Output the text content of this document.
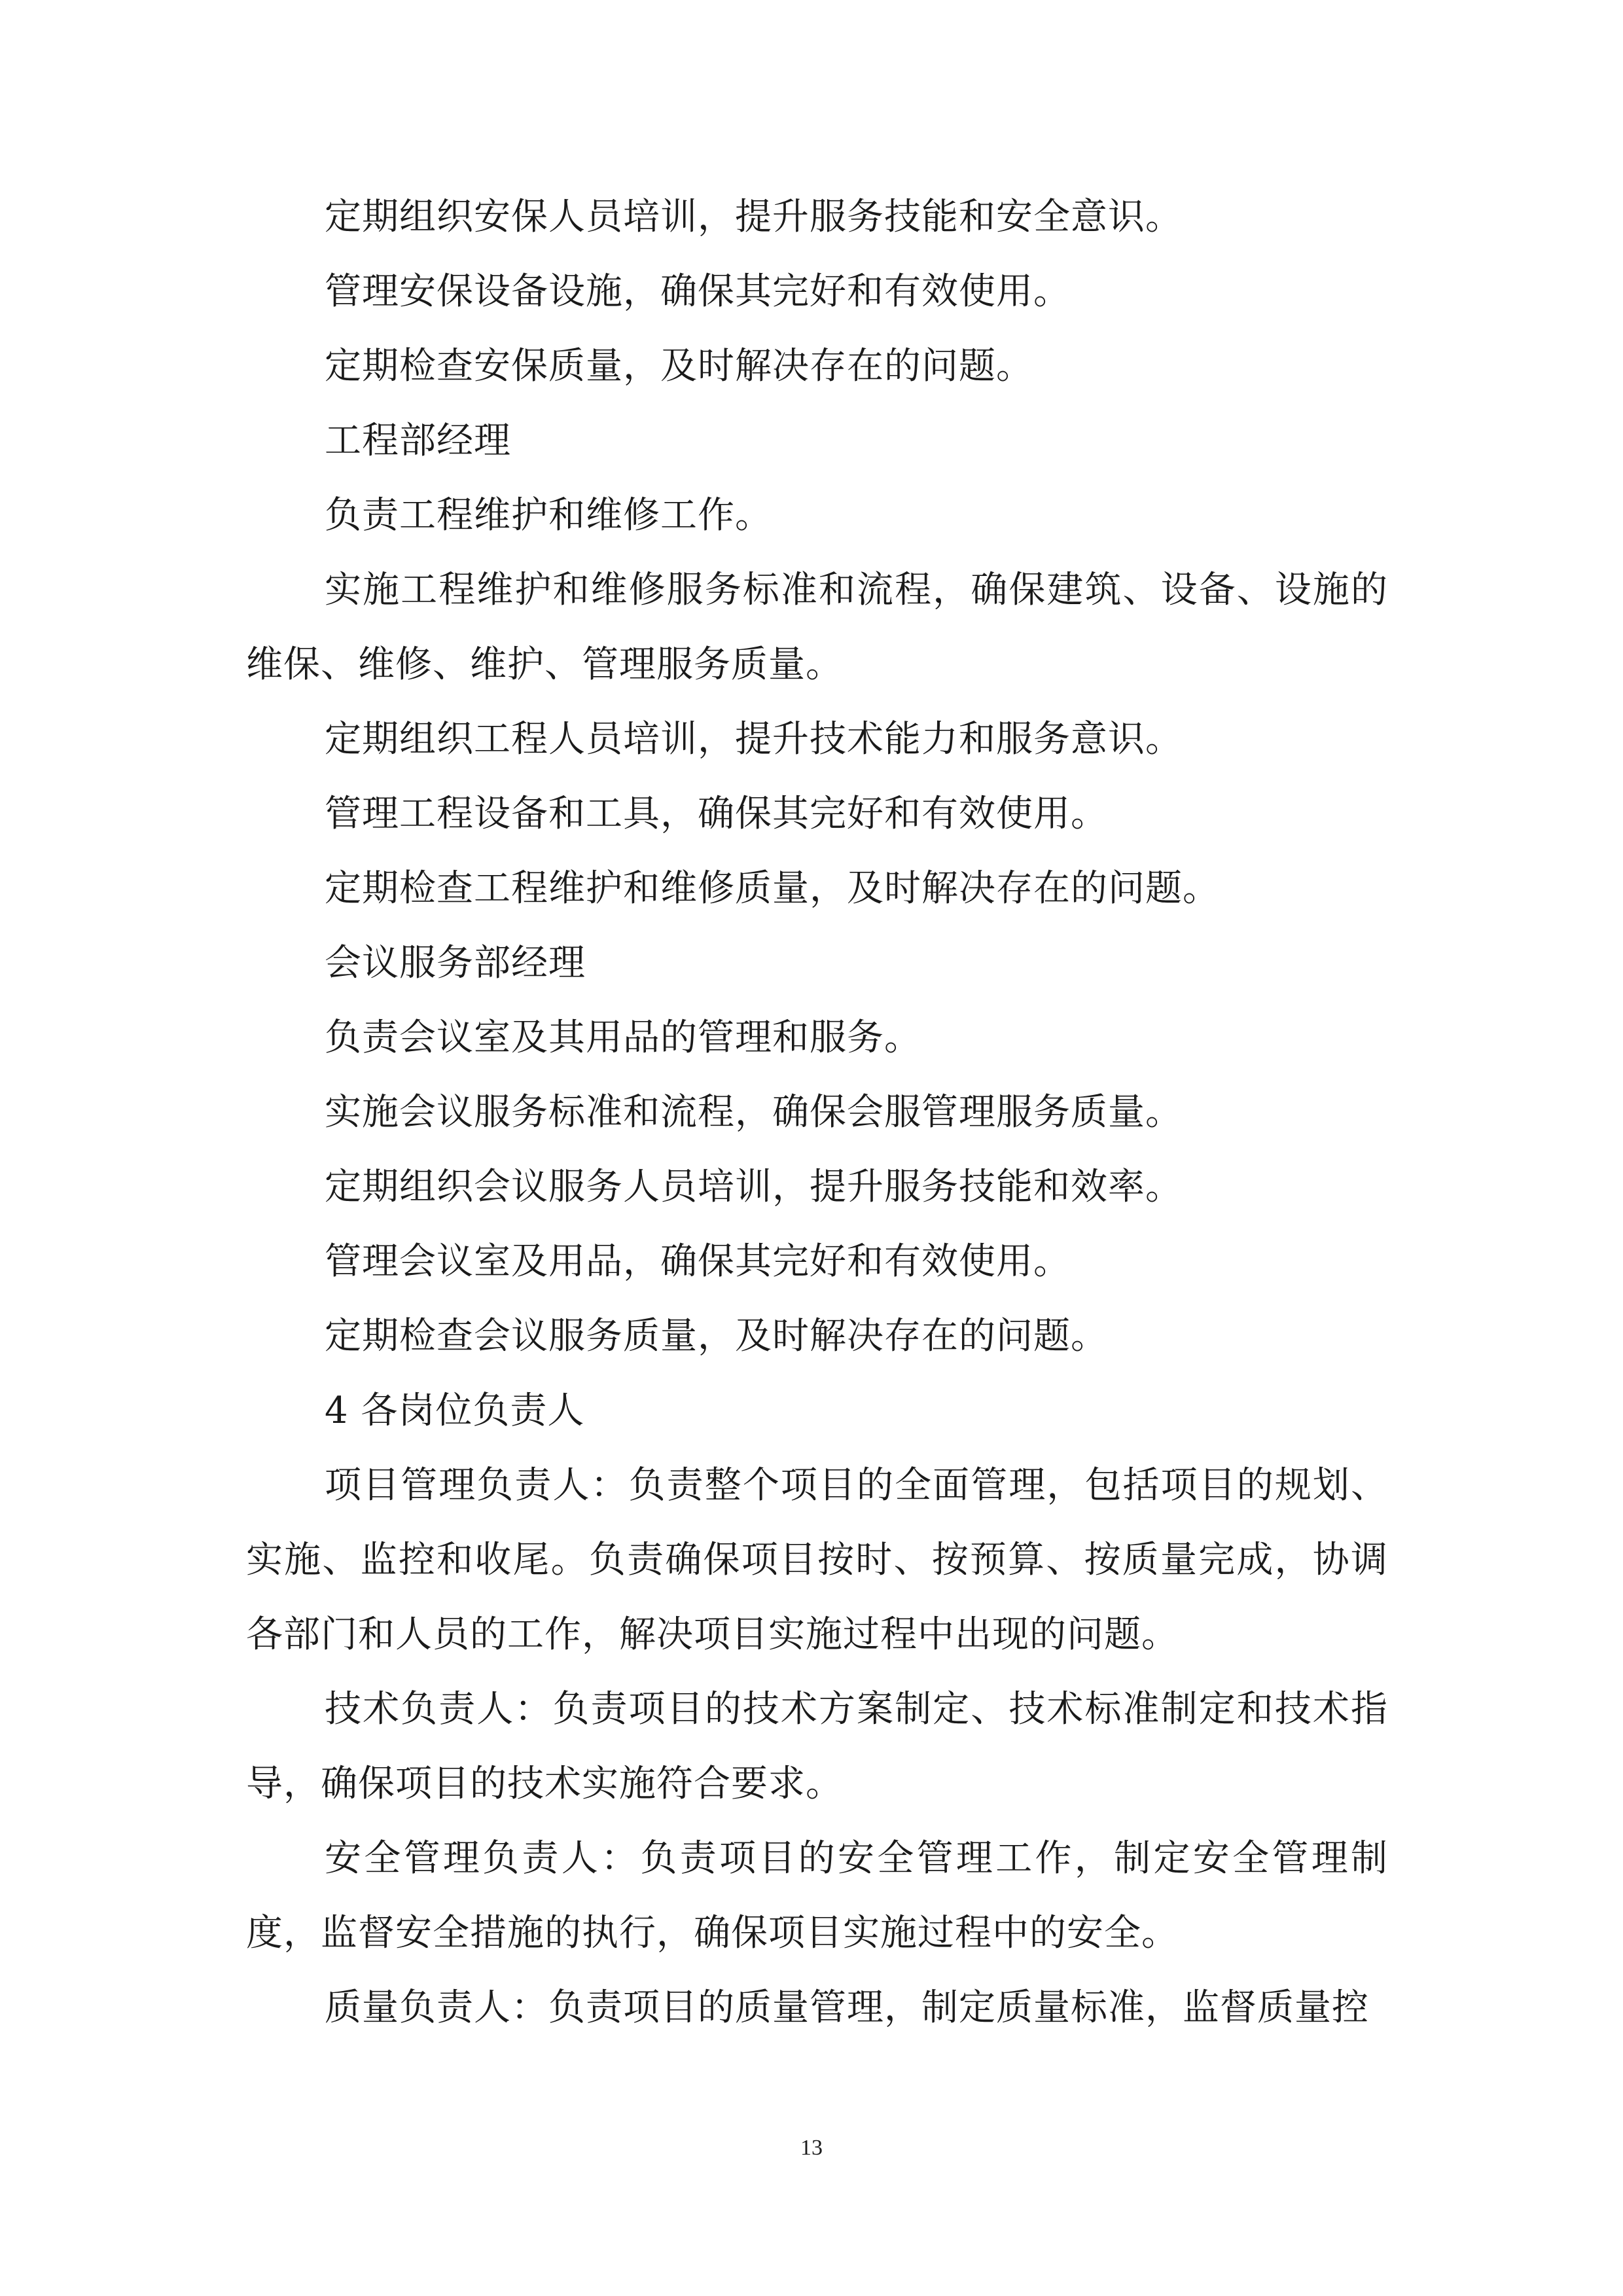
定期组织安保人员培训，提升服务技能和安全意识。

管理安保设备设施，确保其完好和有效使用。

定期检查安保质量，及时解决存在的问题。

工程部经理

负责工程维护和维修工作。

实施工程维护和维修服务标准和流程，确保建筑、设备、设施的维保、维修、维护、管理服务质量。

定期组织工程人员培训，提升技术能力和服务意识。

管理工程设备和工具，确保其完好和有效使用。

定期检查工程维护和维修质量，及时解决存在的问题。

会议服务部经理

负责会议室及其用品的管理和服务。

实施会议服务标准和流程，确保会服管理服务质量。

定期组织会议服务人员培训，提升服务技能和效率。

管理会议室及用品，确保其完好和有效使用。

定期检查会议服务质量，及时解决存在的问题。

4 各岗位负责人

项目管理负责人：负责整个项目的全面管理，包括项目的规划、实施、监控和收尾。负责确保项目按时、按预算、按质量完成，协调各部门和人员的工作，解决项目实施过程中出现的问题。

技术负责人：负责项目的技术方案制定、技术标准制定和技术指导，确保项目的技术实施符合要求。

安全管理负责人：负责项目的安全管理工作，制定安全管理制度，监督安全措施的执行，确保项目实施过程中的安全。

质量负责人：负责项目的质量管理，制定质量标准，监督质量控

13
